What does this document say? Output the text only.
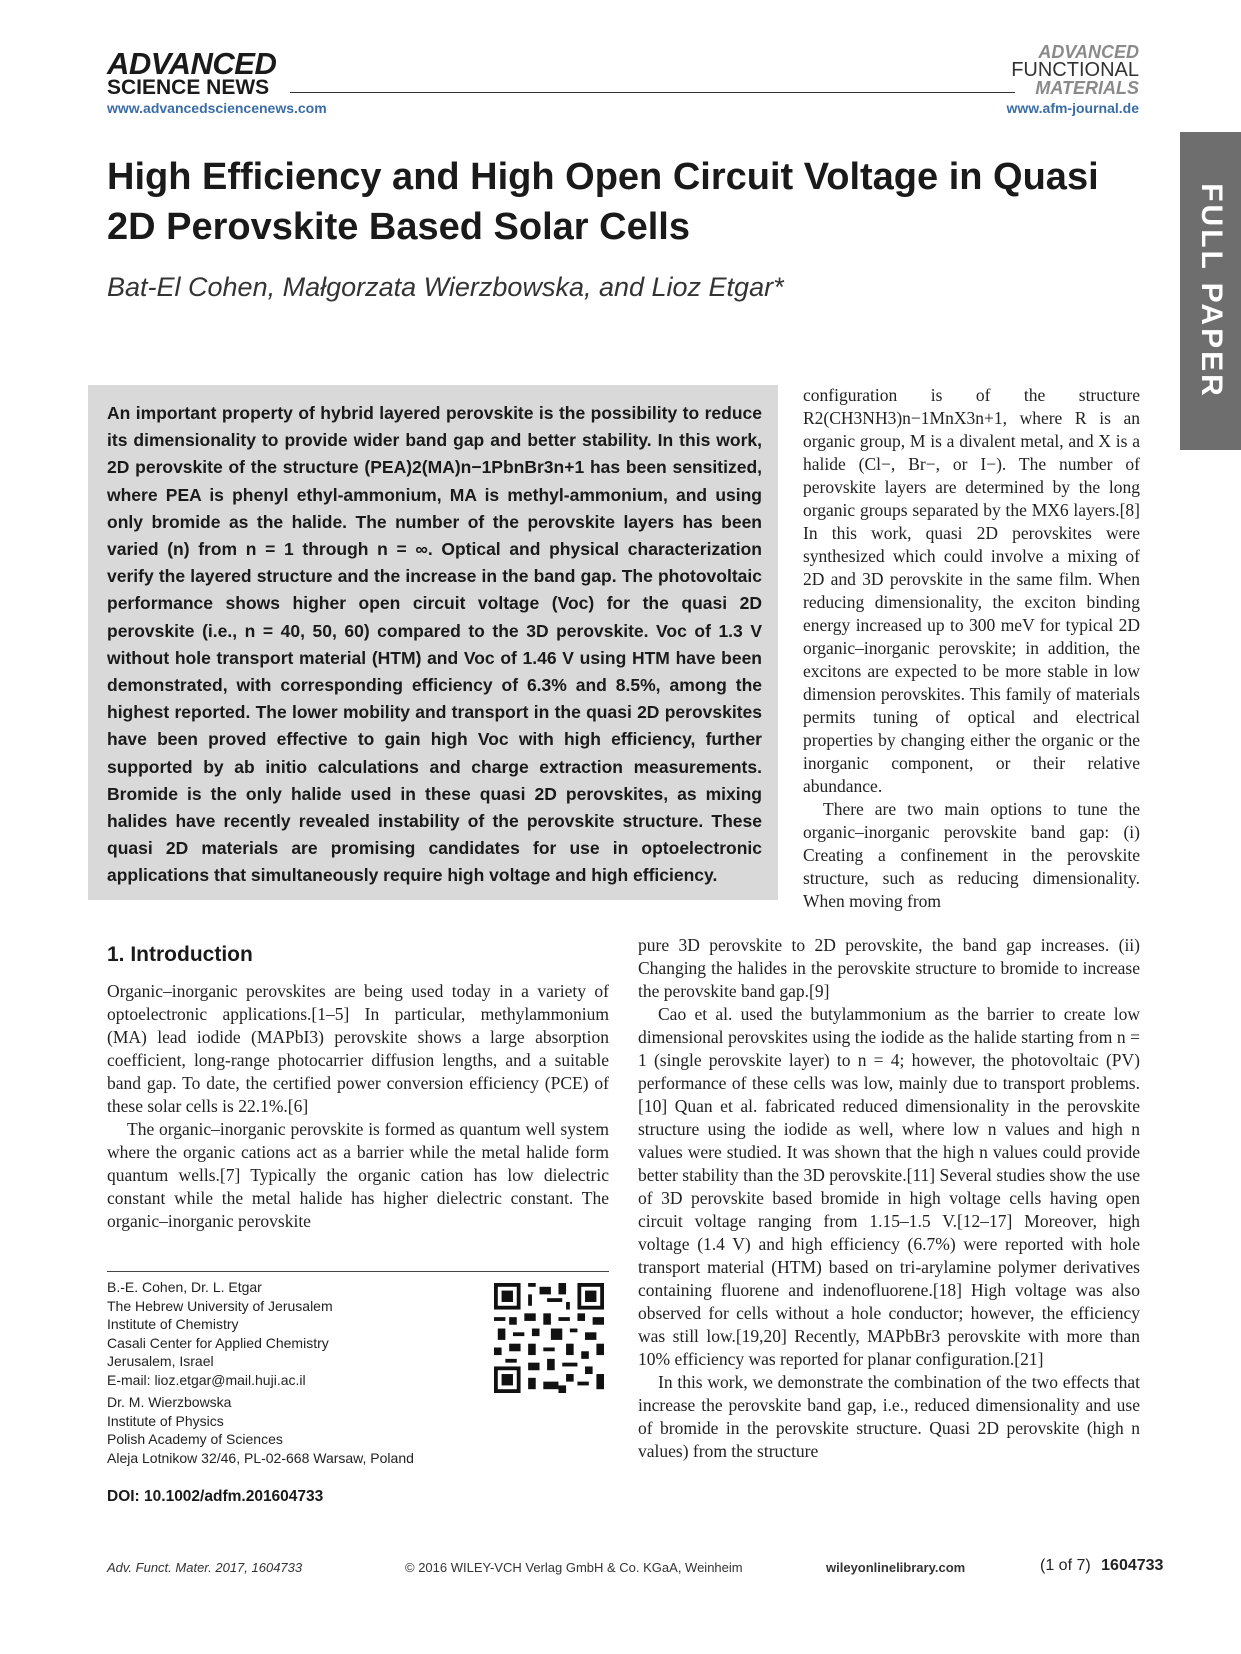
ADVANCED
SCIENCE NEWS
www.advancedsciencenews.com
ADVANCED
FUNCTIONAL
MATERIALS
www.afm-journal.de
FULL PAPER
High Efficiency and High Open Circuit Voltage in Quasi 2D Perovskite Based Solar Cells
Bat-El Cohen, Małgorzata Wierzbowska, and Lioz Etgar*
An important property of hybrid layered perovskite is the possibility to reduce its dimensionality to provide wider band gap and better stability. In this work, 2D perovskite of the structure (PEA)2(MA)n−1PbnBr3n+1 has been sensitized, where PEA is phenyl ethyl-ammonium, MA is methyl-ammonium, and using only bromide as the halide. The number of the perovskite layers has been varied (n) from n = 1 through n = ∞. Optical and physical characterization verify the layered structure and the increase in the band gap. The photovoltaic performance shows higher open circuit voltage (Voc) for the quasi 2D perovskite (i.e., n = 40, 50, 60) compared to the 3D perovskite. Voc of 1.3 V without hole transport material (HTM) and Voc of 1.46 V using HTM have been demonstrated, with corresponding efficiency of 6.3% and 8.5%, among the highest reported. The lower mobility and transport in the quasi 2D perovskites have been proved effective to gain high Voc with high efficiency, further supported by ab initio calculations and charge extraction measurements. Bromide is the only halide used in these quasi 2D perovskites, as mixing halides have recently revealed instability of the perovskite structure. These quasi 2D materials are promising candidates for use in optoelectronic applications that simultaneously require high voltage and high efficiency.

configuration is of the structure R2(CH3NH3)n−1MnX3n+1, where R is an organic group, M is a divalent metal, and X is a halide (Cl−, Br−, or I−). The number of perovskite layers are determined by the long organic groups separated by the MX6 layers.[8] In this work, quasi 2D perovskites were synthesized which could involve a mixing of 2D and 3D perovskite in the same film. When reducing dimensionality, the exciton binding energy increased up to 300 meV for typical 2D organic–inorganic perovskite; in addition, the excitons are expected to be more stable in low dimension perovskites. This family of materials permits tuning of optical and electrical properties by changing either the organic or the inorganic component, or their relative abundance.

There are two main options to tune the organic–inorganic perovskite band gap: (i) Creating a confinement in the perovskite structure, such as reducing dimensionality. When moving from

pure 3D perovskite to 2D perovskite, the band gap increases. (ii) Changing the halides in the perovskite structure to bromide to increase the perovskite band gap.[9]

Cao et al. used the butylammonium as the barrier to create low dimensional perovskites using the iodide as the halide starting from n = 1 (single perovskite layer) to n = 4; however, the photovoltaic (PV) performance of these cells was low, mainly due to transport problems.[10] Quan et al. fabricated reduced dimensionality in the perovskite structure using the iodide as well, where low n values and high n values were studied. It was shown that the high n values could provide better stability than the 3D perovskite.[11] Several studies show the use of 3D perovskite based bromide in high voltage cells having open circuit voltage ranging from 1.15–1.5 V.[12–17] Moreover, high voltage (1.4 V) and high efficiency (6.7%) were reported with hole transport material (HTM) based on tri-arylamine polymer derivatives containing fluorene and indenofluorene.[18] High voltage was also observed for cells without a hole conductor; however, the efficiency was still low.[19,20] Recently, MAPbBr3 perovskite with more than 10% efficiency was reported for planar configuration.[21]

In this work, we demonstrate the combination of the two effects that increase the perovskite band gap, i.e., reduced dimensionality and use of bromide in the perovskite structure. Quasi 2D perovskite (high n values) from the structure

1. Introduction

Organic–inorganic perovskites are being used today in a variety of optoelectronic applications.[1–5] In particular, methylammonium (MA) lead iodide (MAPbI3) perovskite shows a large absorption coefficient, long-range photocarrier diffusion lengths, and a suitable band gap. To date, the certified power conversion efficiency (PCE) of these solar cells is 22.1%.[6]

The organic–inorganic perovskite is formed as quantum well system where the organic cations act as a barrier while the metal halide form quantum wells.[7] Typically the organic cation has low dielectric constant while the metal halide has higher dielectric constant. The organic–inorganic perovskite

B.-E. Cohen, Dr. L. Etgar
The Hebrew University of Jerusalem
Institute of Chemistry
Casali Center for Applied Chemistry
Jerusalem, Israel
E-mail: lioz.etgar@mail.huji.ac.il
Dr. M. Wierzbowska
Institute of Physics
Polish Academy of Sciences
Aleja Lotnikow 32/46, PL-02-668 Warsaw, Poland
DOI: 10.1002/adfm.201604733
Adv. Funct. Mater. 2017, 1604733	© 2016 WILEY-VCH Verlag GmbH & Co. KGaA, Weinheim	wileyonlinelibrary.com	(1 of 7) 1604733
